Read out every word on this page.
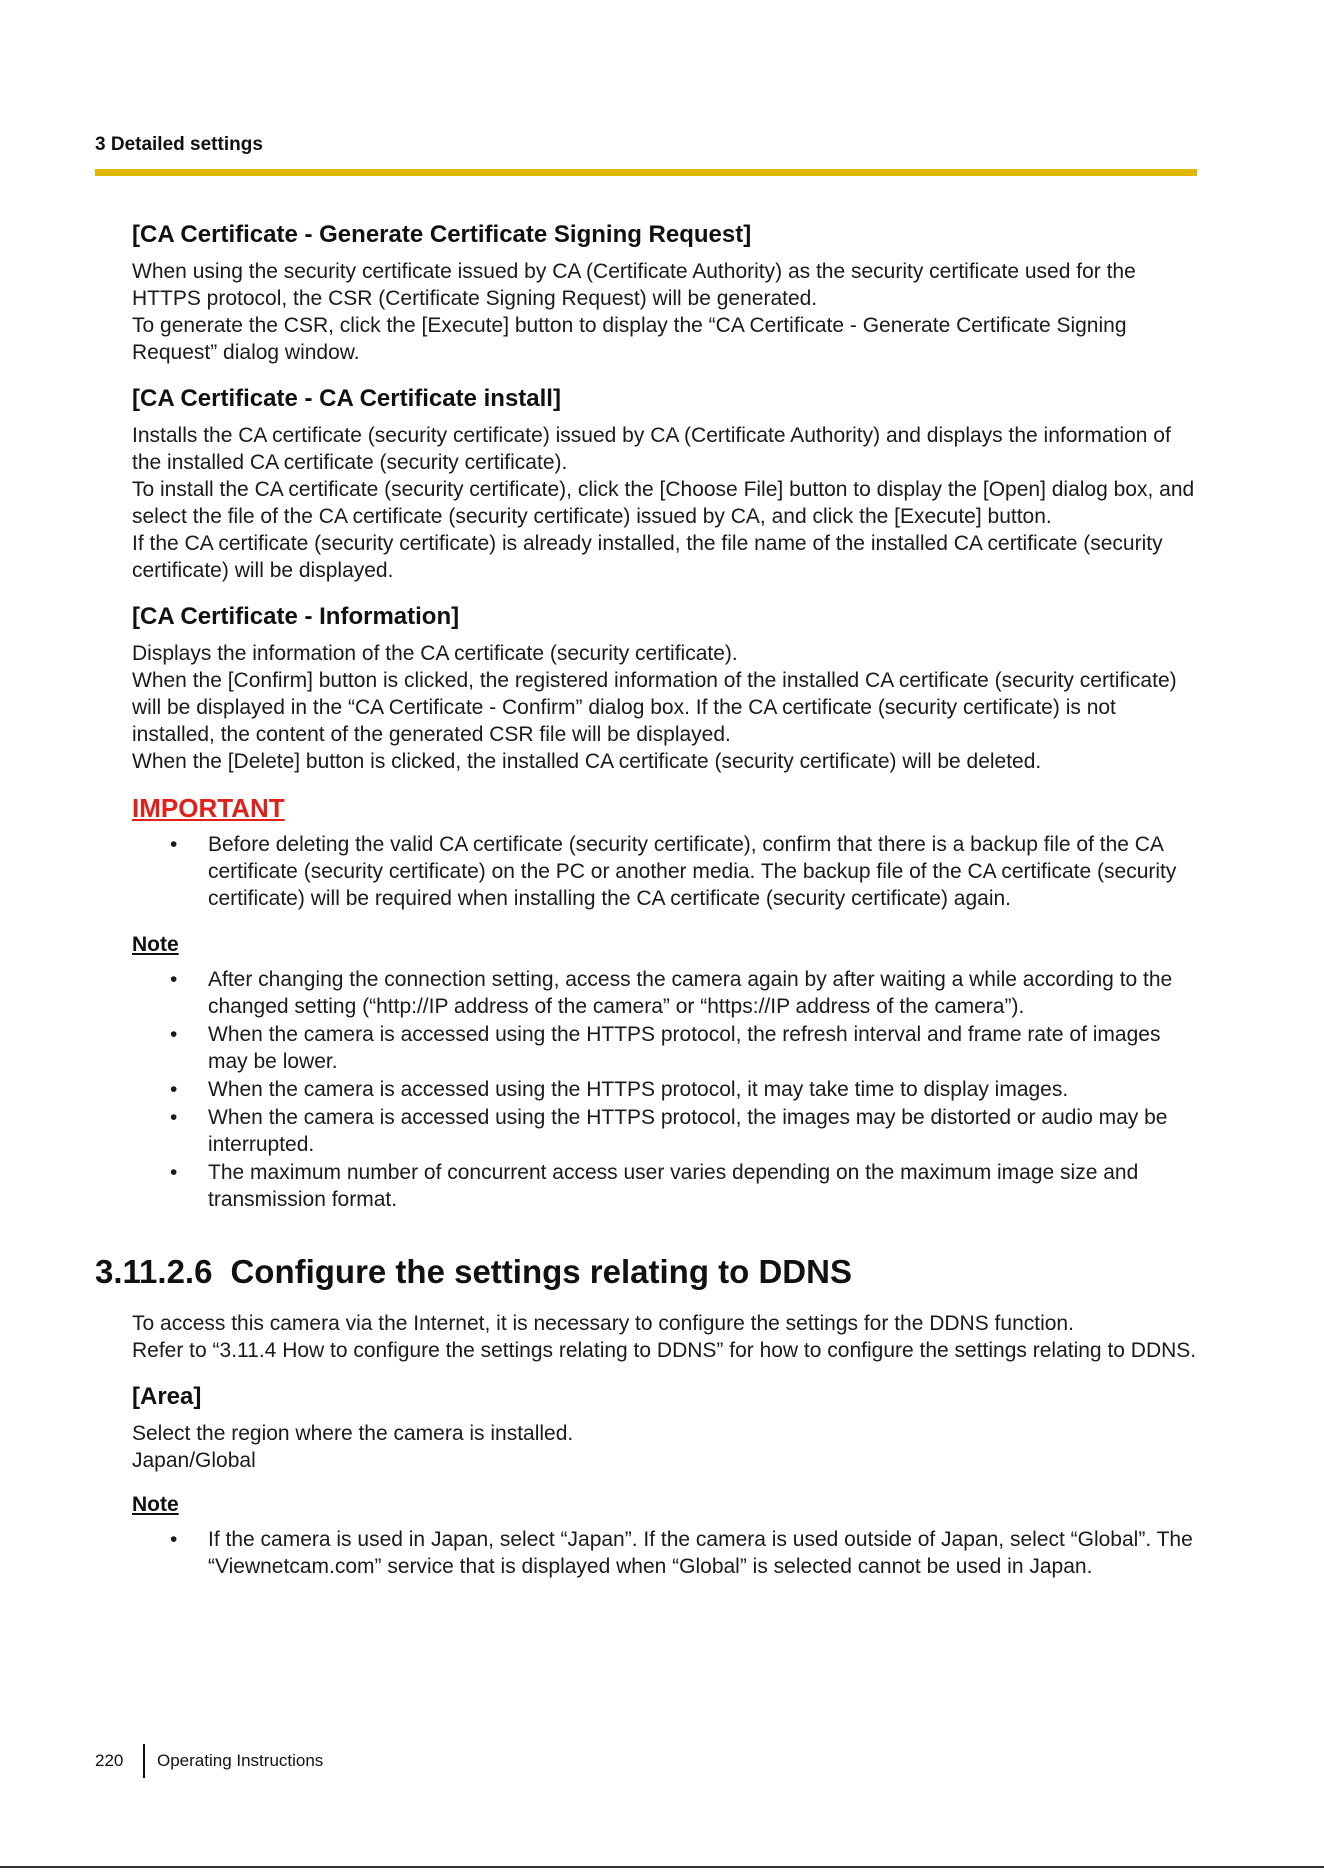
3 Detailed settings
[CA Certificate - Generate Certificate Signing Request]

When using the security certificate issued by CA (Certificate Authority) as the security certificate used for the HTTPS protocol, the CSR (Certificate Signing Request) will be generated.

To generate the CSR, click the [Execute] button to display the “CA Certificate - Generate Certificate Signing Request” dialog window.

[CA Certificate - CA Certificate install]

Installs the CA certificate (security certificate) issued by CA (Certificate Authority) and displays the information of the installed CA certificate (security certificate).

To install the CA certificate (security certificate), click the [Choose File] button to display the [Open] dialog box, and select the file of the CA certificate (security certificate) issued by CA, and click the [Execute] button.

If the CA certificate (security certificate) is already installed, the file name of the installed CA certificate (security certificate) will be displayed.

[CA Certificate - Information]

Displays the information of the CA certificate (security certificate).

When the [Confirm] button is clicked, the registered information of the installed CA certificate (security certificate) will be displayed in the “CA Certificate - Confirm” dialog box. If the CA certificate (security certificate) is not installed, the content of the generated CSR file will be displayed.

When the [Delete] button is clicked, the installed CA certificate (security certificate) will be deleted.

IMPORTANT
• Before deleting the valid CA certificate (security certificate), confirm that there is a backup file of the CA certificate (security certificate) on the PC or another media. The backup file of the CA certificate (security certificate) will be required when installing the CA certificate (security certificate) again.
Note
• After changing the connection setting, access the camera again by after waiting a while according to the changed setting (“http://IP address of the camera” or “https://IP address of the camera”).
• When the camera is accessed using the HTTPS protocol, the refresh interval and frame rate of images may be lower.
• When the camera is accessed using the HTTPS protocol, it may take time to display images.
• When the camera is accessed using the HTTPS protocol, the images may be distorted or audio may be interrupted.
• The maximum number of concurrent access user varies depending on the maximum image size and transmission format.
3.11.2.6 Configure the settings relating to DDNS

To access this camera via the Internet, it is necessary to configure the settings for the DDNS function.

Refer to “3.11.4 How to configure the settings relating to DDNS” for how to configure the settings relating to DDNS.

[Area]

Select the region where the camera is installed.

Japan/Global

Note
• If the camera is used in Japan, select “Japan”. If the camera is used outside of Japan, select “Global”. The “Viewnetcam.com” service that is displayed when “Global” is selected cannot be used in Japan.
220	Operating Instructions
